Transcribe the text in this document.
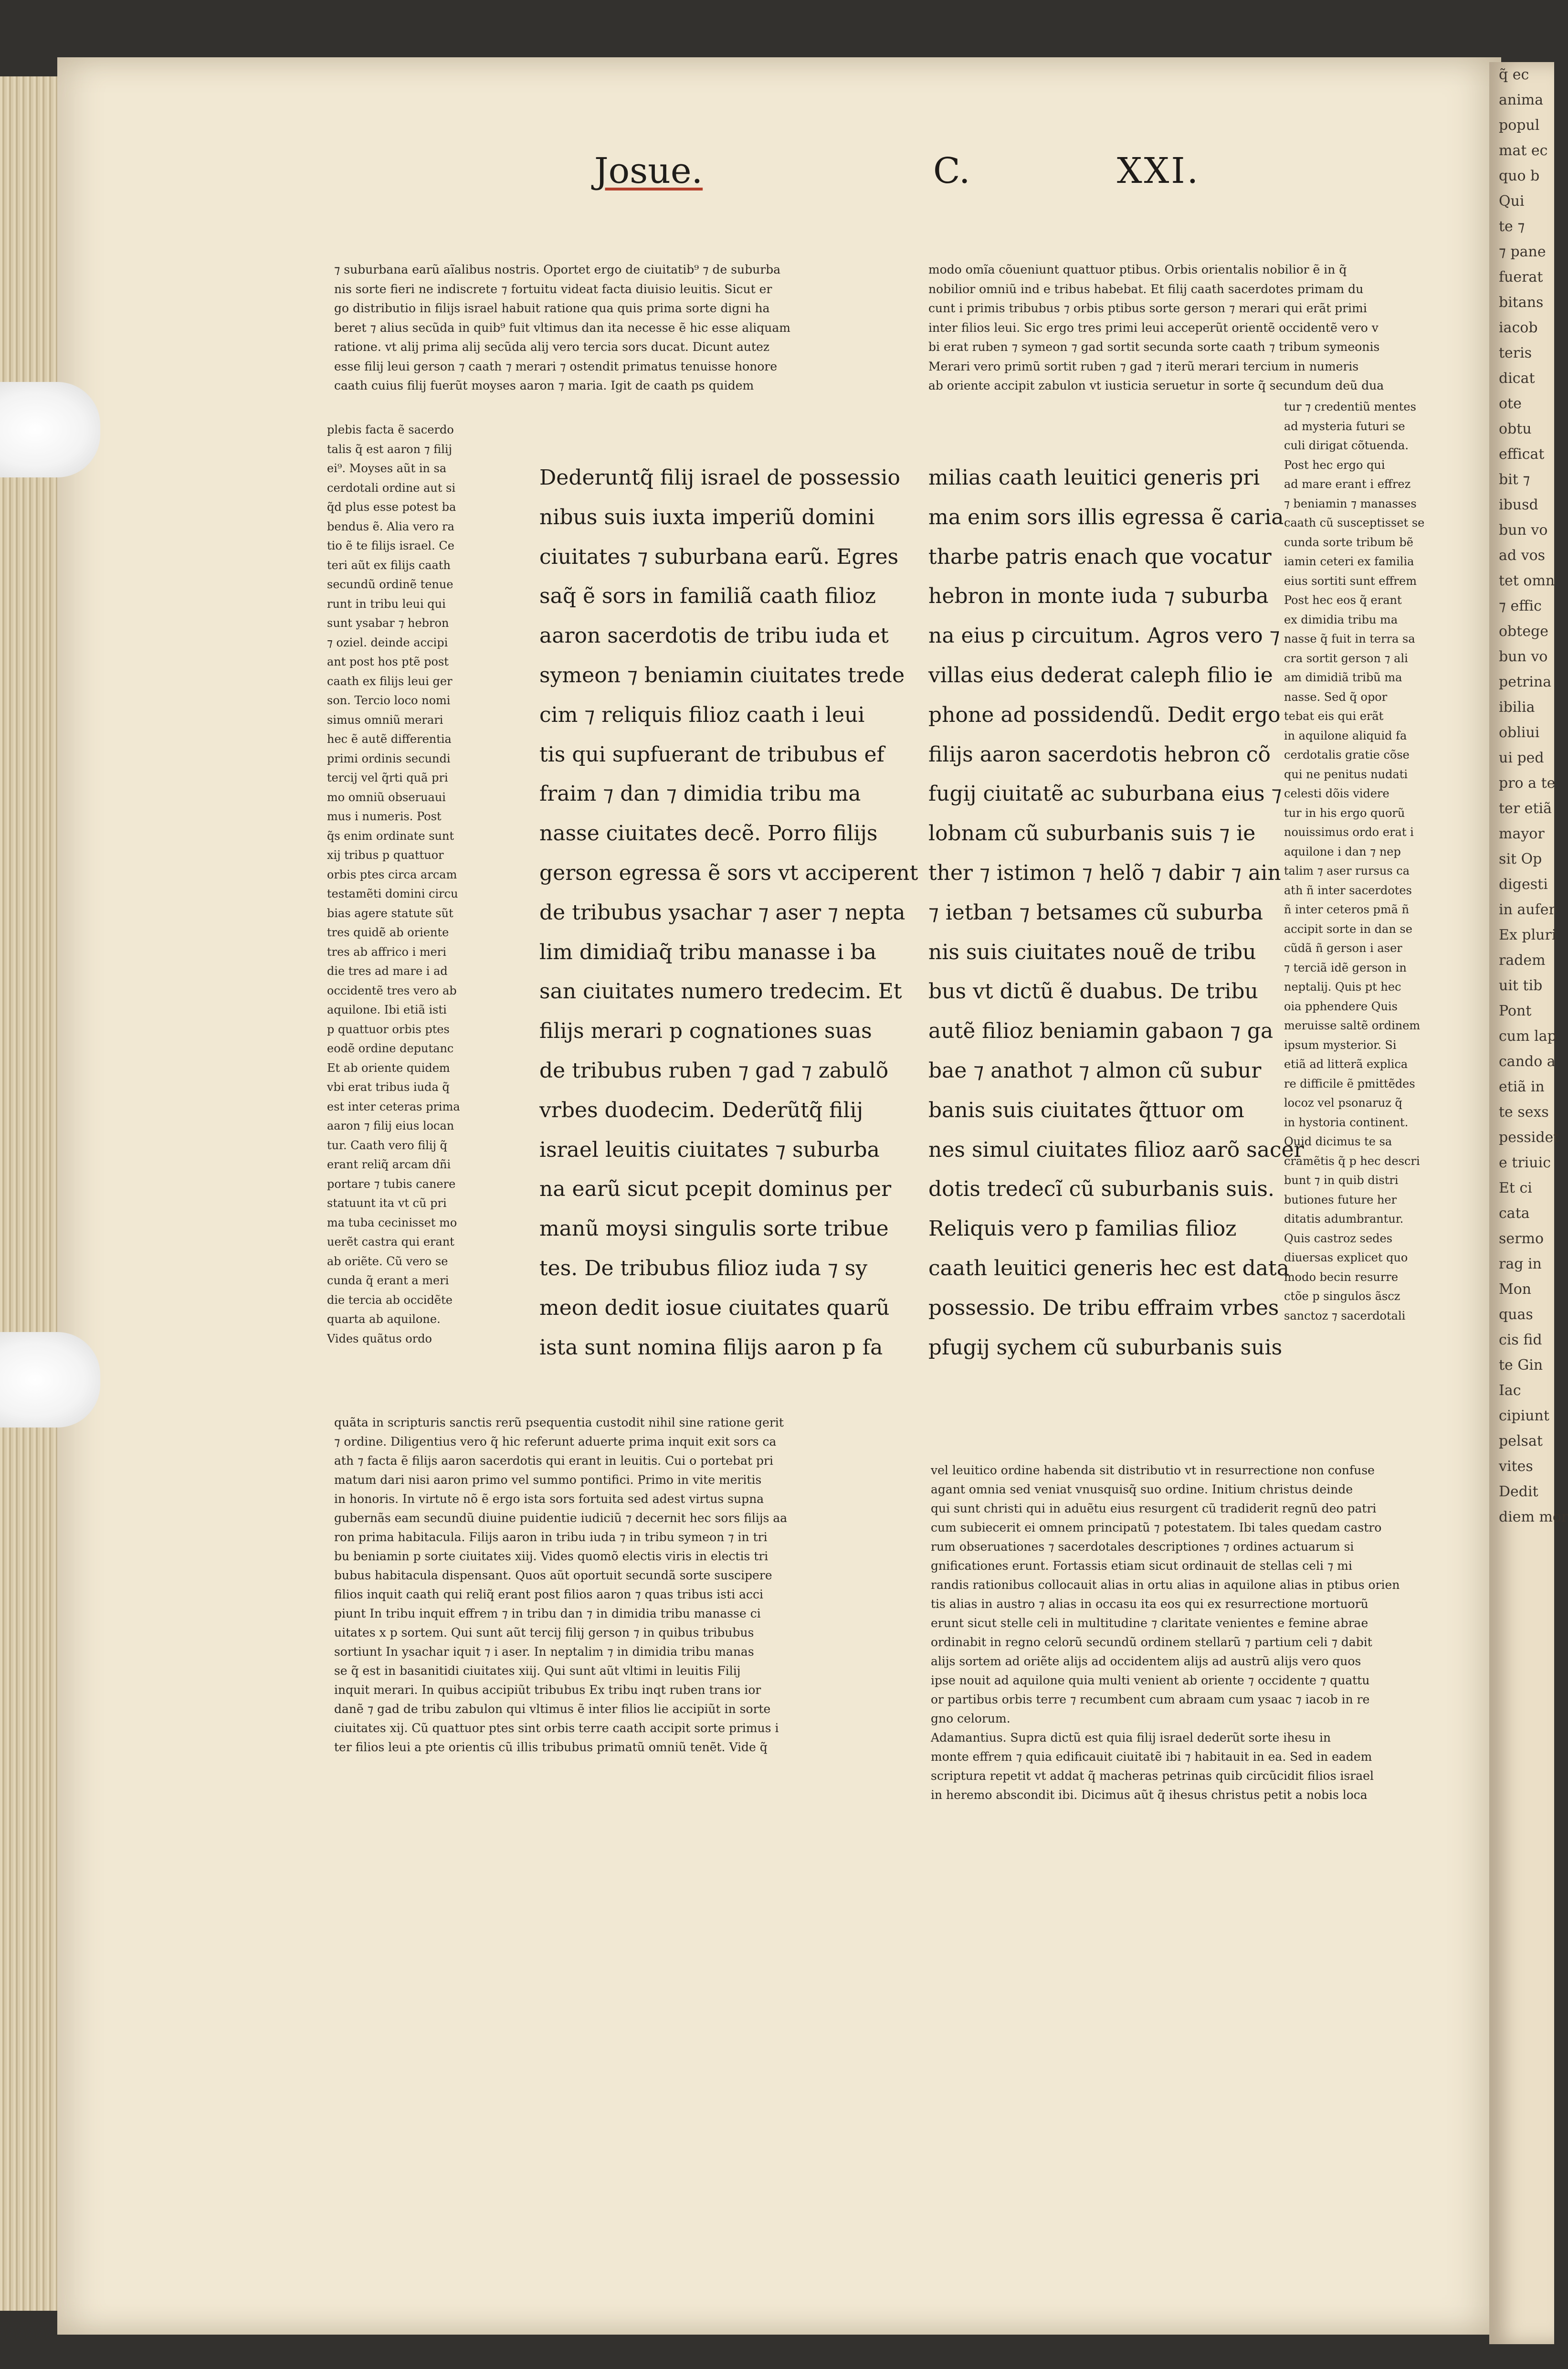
q̃ ec

anima

popul

mat ec

quo b

Qui

te ⁊

⁊ pane

fuerat

bitans

iacob

teris

dicat

ote

obtu

efficat

bit ⁊

ibusd

bun vo

ad vos

tet omn

⁊ effic

obtege

bun vo

petrina

ibilia

obliui

ui ped

pro a te

ter etiã

mayor

sit Op

digesti

in aufer

Ex pluri

radem

uit tib

Pont

cum lap

cando a

etiã in

te sexs

pessidet

e triuic

Et ci

cata

sermo

rag in

Mon

quas

cis fid

te Gin

Iac

cipiunt

pelsat

vites

Dedit

diem mor

Josue.	C.	XXI.

⁊ suburbana earũ aĩalibus nostris. Oportet ergo de ciuitatib⁹ ⁊ de suburba

nis sorte fieri ne indiscrete ⁊ fortuitu videat facta diuisio leuitis. Sicut er

go distributio in filijs israel habuit ratione qua quis prima sorte digni ha

beret ⁊ alius secũda in quib⁹ fuit vltimus dan ita necesse ẽ hic esse aliquam

ratione. vt alij prima alij secũda alij vero tercia sors ducat. Dicunt autez

esse filij leui gerson ⁊ caath ⁊ merari ⁊ ostendit primatus tenuisse honore

caath cuius filij fuerũt moyses aaron ⁊ maria. Igit de caath ps quidem

modo omĩa cõueniunt quattuor ptibus. Orbis orientalis nobilior ẽ in q̃

nobilior omniũ ind e tribus habebat. Et filij caath sacerdotes primam du

cunt i primis tribubus ⁊ orbis ptibus sorte gerson ⁊ merari qui erãt primi

inter filios leui. Sic ergo tres primi leui acceperũt orientẽ occidentẽ vero v

bi erat ruben ⁊ symeon ⁊ gad sortit secunda sorte caath ⁊ tribum symeonis

Merari vero primũ sortit ruben ⁊ gad ⁊ iterũ merari tercium in numeris

ab oriente accipit zabulon vt iusticia seruetur in sorte q̃ secundum deũ dua

plebis facta ẽ sacerdo

talis q̃ est aaron ⁊ filij

ei⁹. Moyses aũt in sa

cerdotali ordine aut si

q̃d plus esse potest ba

bendus ẽ. Alia vero ra

tio ẽ te filijs israel. Ce

teri aũt ex filijs caath

secundũ ordinẽ tenue

runt in tribu leui qui

sunt ysabar ⁊ hebron

⁊ oziel. deinde accipi

ant post hos ptẽ post

caath ex filijs leui ger

son. Tercio loco nomi

simus omniũ merari

hec ẽ autẽ differentia

primi ordinis secundi

tercij vel q̃rti quã pri

mo omniũ obseruaui

mus i numeris. Post

q̃s enim ordinate sunt

xij tribus p quattuor

orbis ptes circa arcam

testamẽti domini circu

bias agere statute sũt

tres quidẽ ab oriente

tres ab affrico i meri

die tres ad mare i ad

occidentẽ tres vero ab

aquilone. Ibi etiã isti

p quattuor orbis ptes

eodẽ ordine deputanc

Et ab oriente quidem

vbi erat tribus iuda q̃

est inter ceteras prima

aaron ⁊ filij eius locan

tur. Caath vero filij q̃

erant reliq̃ arcam dñi

portare ⁊ tubis canere

statuunt ita vt cũ pri

ma tuba cecinisset mo

uerẽt castra qui erant

ab oriẽte. Cũ vero se

cunda q̃ erant a meri

die tercia ab occidẽte

quarta ab aquilone.

Vides quãtus ordo

tur ⁊ credentiũ mentes

ad mysteria futuri se

culi dirigat cõtuenda.

Post hec ergo qui

ad mare erant i effrez

⁊ beniamin ⁊ manasses

caath cũ susceptisset se

cunda sorte tribum bẽ

iamin ceteri ex familia

eius sortiti sunt effrem

Post hec eos q̃ erant

ex dimidia tribu ma

nasse q̃ fuit in terra sa

cra sortit gerson ⁊ ali

am dimidiã tribũ ma

nasse. Sed q̃ opor

tebat eis qui erãt

in aquilone aliquid fa

cerdotalis gratie cõse

qui ne penitus nudati

celesti dõis videre

tur in his ergo quorũ

nouissimus ordo erat i

aquilone i dan ⁊ nep

talim ⁊ aser rursus ca

ath ñ inter sacerdotes

ñ inter ceteros pmã ñ

accipit sorte in dan se

cũdã ñ gerson i aser

⁊ terciã idẽ gerson in

neptalij. Quis pt hec

oia pphendere Quis

meruisse saltẽ ordinem

ipsum mysterior. Si

etiã ad litterã explica

re difficile ẽ pmittẽdes

locoz vel psonaruz q̃

in hystoria continent.

Quid dicimus te sa

cramẽtis q̃ p hec descri

bunt ⁊ in quib distri

butiones future her

ditatis adumbrantur.

Quis castroz sedes

diuersas explicet quo

modo becin resurre

ctõe p singulos ãscz

sanctoz ⁊ sacerdotali

Dederuntq̃ filij israel de possessio

nibus suis iuxta imperiũ domini

ciuitates ⁊ suburbana earũ. Egres

saq̃ ẽ sors in familiã caath filioz

aaron sacerdotis de tribu iuda et

symeon ⁊ beniamin ciuitates trede

cim ⁊ reliquis filioz caath i leui

tis qui supfuerant de tribubus ef

fraim ⁊ dan ⁊ dimidia tribu ma

nasse ciuitates decẽ. Porro filijs

gerson egressa ẽ sors vt acciperent

de tribubus ysachar ⁊ aser ⁊ nepta

lim dimidiaq̃ tribu manasse i ba

san ciuitates numero tredecim. Et

filijs merari p cognationes suas

de tribubus ruben ⁊ gad ⁊ zabulõ

vrbes duodecim. Dederũtq̃ filij

israel leuitis ciuitates ⁊ suburba

na earũ sicut pcepit dominus per

manũ moysi singulis sorte tribue

tes. De tribubus filioz iuda ⁊ sy

meon dedit iosue ciuitates quarũ

ista sunt nomina filijs aaron p fa

milias caath leuitici generis pri

ma enim sors illis egressa ẽ caria

tharbe patris enach que vocatur

hebron in monte iuda ⁊ suburba

na eius p circuitum. Agros vero ⁊

villas eius dederat caleph filio ie

phone ad possidendũ. Dedit ergo

filijs aaron sacerdotis hebron cõ

fugij ciuitatẽ ac suburbana eius ⁊

lobnam cũ suburbanis suis ⁊ ie

ther ⁊ istimon ⁊ helõ ⁊ dabir ⁊ ain

⁊ ietban ⁊ betsames cũ suburba

nis suis ciuitates nouẽ de tribu

bus vt dictũ ẽ duabus. De tribu

autẽ filioz beniamin gabaon ⁊ ga

bae ⁊ anathot ⁊ almon cũ subur

banis suis ciuitates q̃ttuor om

nes simul ciuitates filioz aarõ sacer

dotis tredecĩ cũ suburbanis suis.

Reliquis vero p familias filioz

caath leuitici generis hec est data

possessio. De tribu effraim vrbes

pfugij sychem cũ suburbanis suis

quãta in scripturis sanctis rerũ psequentia custodit nihil sine ratione gerit

⁊ ordine. Diligentius vero q̃ hic referunt aduerte prima inquit exit sors ca

ath ⁊ facta ẽ filijs aaron sacerdotis qui erant in leuitis. Cui o portebat pri

matum dari nisi aaron primo vel summo pontifici. Primo in vite meritis

in honoris. In virtute nõ ẽ ergo ista sors fortuita sed adest virtus supna

gubernãs eam secundũ diuine puidentie iudiciũ ⁊ decernit hec sors filijs aa

ron prima habitacula. Filijs aaron in tribu iuda ⁊ in tribu symeon ⁊ in tri

bu beniamin p sorte ciuitates xiij. Vides quomõ electis viris in electis tri

bubus habitacula dispensant. Quos aũt oportuit secundã sorte suscipere

filios inquit caath qui reliq̃ erant post filios aaron ⁊ quas tribus isti acci

piunt In tribu inquit effrem ⁊ in tribu dan ⁊ in dimidia tribu manasse ci

uitates x p sortem. Qui sunt aũt tercij filij gerson ⁊ in quibus tribubus

sortiunt In ysachar iquit ⁊ i aser. In neptalim ⁊ in dimidia tribu manas

se q̃ est in basanitidi ciuitates xiij. Qui sunt aũt vltimi in leuitis Filij

inquit merari. In quibus accipiũt tribubus Ex tribu inqt ruben trans ior

danẽ ⁊ gad de tribu zabulon qui vltimus ẽ inter filios lie accipiũt in sorte

ciuitates xij. Cũ quattuor ptes sint orbis terre caath accipit sorte primus i

ter filios leui a pte orientis cũ illis tribubus primatũ omniũ tenẽt. Vide q̃

vel leuitico ordine habenda sit distributio vt in resurrectione non confuse

agant omnia sed veniat vnusquisq̃ suo ordine. Initium christus deinde

qui sunt christi qui in aduẽtu eius resurgent cũ tradiderit regnũ deo patri

cum subiecerit ei omnem principatũ ⁊ potestatem. Ibi tales quedam castro

rum obseruationes ⁊ sacerdotales descriptiones ⁊ ordines actuarum si

gnificationes erunt. Fortassis etiam sicut ordinauit de stellas celi ⁊ mi

randis rationibus collocauit alias in ortu alias in aquilone alias in ptibus orien

tis alias in austro ⁊ alias in occasu ita eos qui ex resurrectione mortuorũ

erunt sicut stelle celi in multitudine ⁊ claritate venientes e femine abrae

ordinabit in regno celorũ secundũ ordinem stellarũ ⁊ partium celi ⁊ dabit

alijs sortem ad oriẽte alijs ad occidentem alijs ad austrũ alijs vero quos

ipse nouit ad aquilone quia multi venient ab oriente ⁊ occidente ⁊ quattu

or partibus orbis terre ⁊ recumbent cum abraam cum ysaac ⁊ iacob in re

gno celorum.

Adamantius. Supra dictũ est quia filij israel dederũt sorte ihesu in

monte effrem ⁊ quia edificauit ciuitatẽ ibi ⁊ habitauit in ea. Sed in eadem

scriptura repetit vt addat q̃ macheras petrinas quib circũcidit filios israel

in heremo abscondit ibi. Dicimus aũt q̃ ihesus christus petit a nobis loca
